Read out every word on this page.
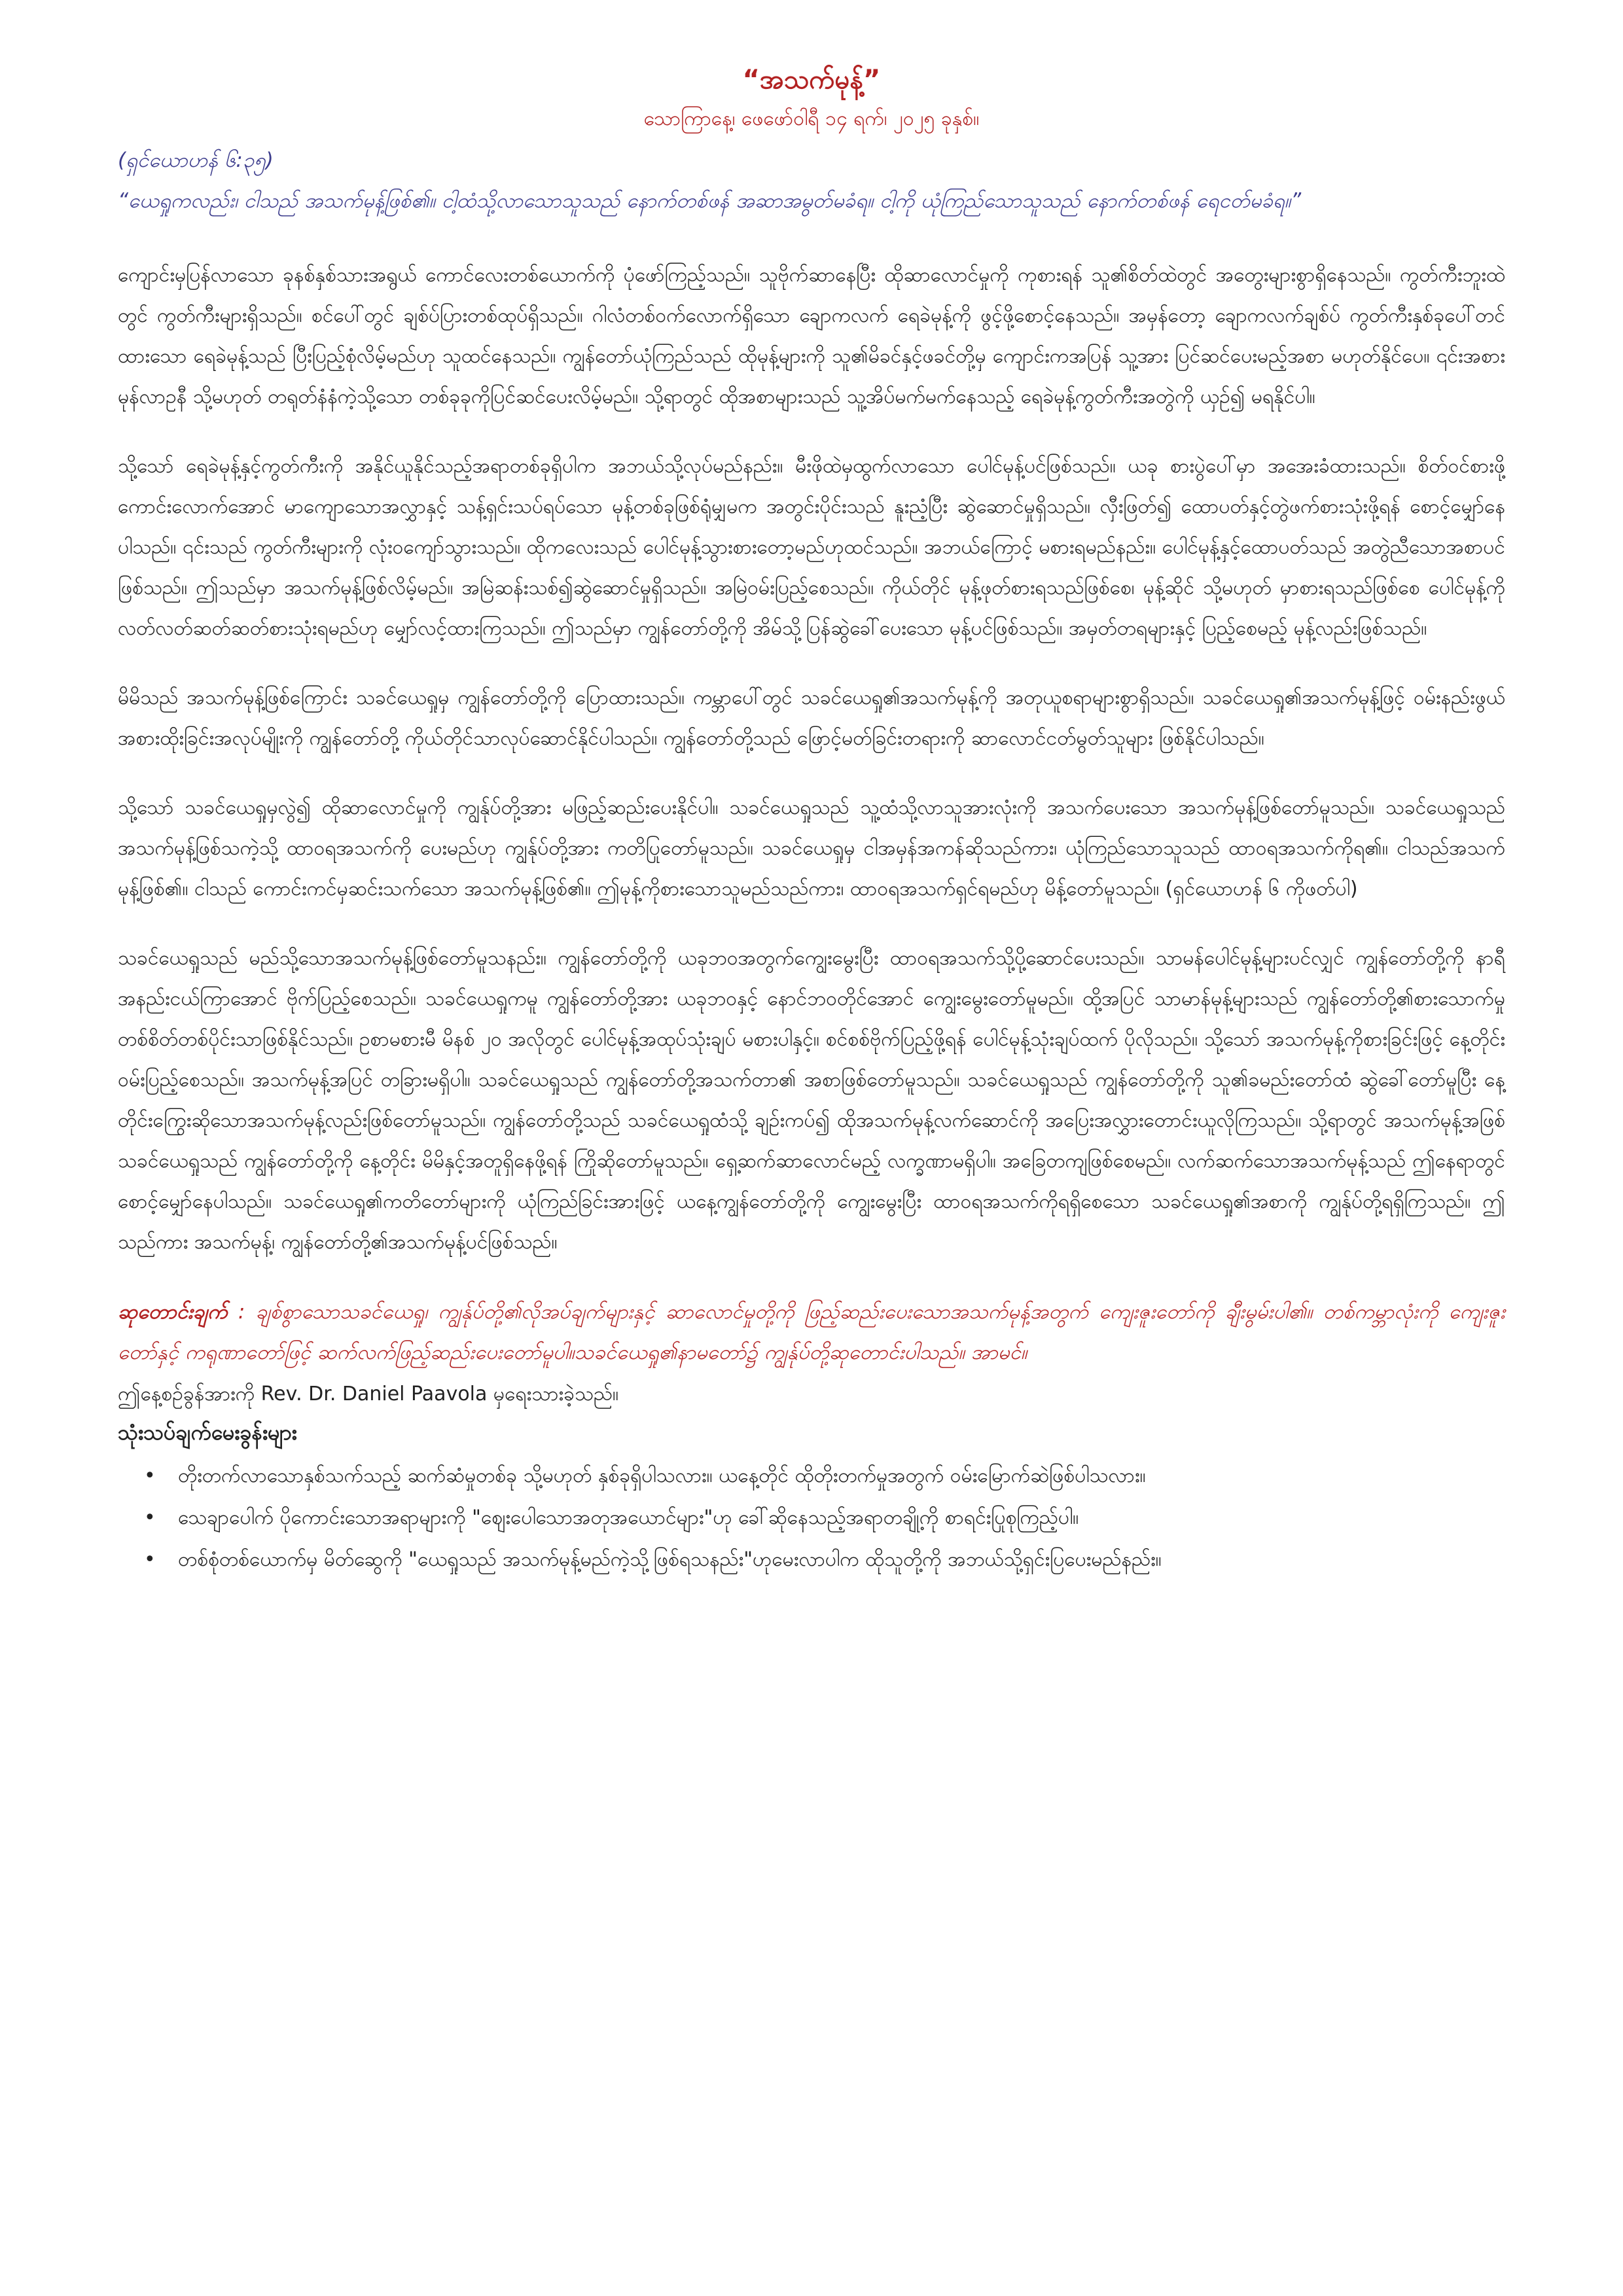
“အသက်မုန့်”

သောကြာနေ့၊ ဖေဖော်ဝါရီ ၁၄ ရက်၊ ၂၀၂၅ ခုနှစ်။

(ရှင်ယောဟန် ၆:၃၅)

“ယေရှုကလည်း၊ ငါသည် အသက်မုန့်ဖြစ်၏။ ငါ့ထံသို့လာသောသူသည် နောက်တစ်ဖန် အဆာအမွတ်မခံရ။ ငါ့ကို ယုံကြည်သောသူသည် နောက်တစ်ဖန် ရေငတ်မခံရ။”

ကျောင်းမှပြန်လာသော ခုနစ်နှစ်သားအရွယ် ကောင်လေးတစ်ယောက်ကို ပုံဖော်ကြည့်သည်။ သူဗိုက်ဆာနေပြီး ထိုဆာလောင်မှုကို ကုစားရန် သူ၏စိတ်ထဲတွင် အတွေးများစွာရှိနေသည်။ ကွတ်ကီးဘူးထဲတွင် ကွတ်ကီးများရှိသည်။ စင်ပေါ်တွင် ချစ်ပ်ပြားတစ်ထုပ်ရှိသည်။ ဂါလံတစ်ဝက်လောက်ရှိသော ချောကလက် ရေခဲမုန့်ကို ဖွင့်ဖို့စောင့်နေသည်။ အမှန်တော့ ချောကလက်ချစ်ပ် ကွတ်ကီးနှစ်ခုပေါ်တင်ထားသော ရေခဲမုန့်သည် ပြီးပြည့်စုံလိမ့်မည်ဟု သူထင်နေသည်။ ကျွန်တော်ယုံကြည်သည် ထိုမုန့်များကို သူ၏မိခင်နှင့်ဖခင်တို့မှ ကျောင်းကအပြန် သူ့အား ပြင်ဆင်ပေးမည့်အစာ မဟုတ်နိုင်ပေ။ ၎င်းအစား မုန်လာဥနီ သို့မဟုတ် တရုတ်နံနံကဲ့သို့သော တစ်ခုခုကိုပြင်ဆင်ပေးလိမ့်မည်။ သို့ရာတွင် ထိုအစာများသည် သူ့အိပ်မက်မက်နေသည့် ရေခဲမုန့်ကွတ်ကီးအတွဲကို ယှဉ်၍ မရနိုင်ပါ။

သို့သော် ရေခဲမုန့်နှင့်ကွတ်ကီးကို အနိုင်ယူနိုင်သည့်အရာတစ်ခုရှိပါက အဘယ်သို့လုပ်မည်နည်း။ မီးဖိုထဲမှထွက်လာသော ပေါင်မုန့်ပင်ဖြစ်သည်။ ယခု စားပွဲပေါ်မှာ အအေးခံထားသည်။ စိတ်ဝင်စားဖို့ကောင်းလောက်အောင် မာကျောသောအလွှာနှင့် သန့်ရှင်းသပ်ရပ်သော မုန့်တစ်ခုဖြစ်ရုံမျှမက အတွင်းပိုင်းသည် နူးညံ့ပြီး ဆွဲဆောင်မှုရှိသည်။ လှီးဖြတ်၍ ထောပတ်နှင့်တွဲဖက်စားသုံးဖို့ရန် စောင့်မျှော်နေပါသည်။ ၎င်းသည် ကွတ်ကီးများကို လုံးဝကျော်သွားသည်။ ထိုကလေးသည် ပေါင်မုန့်သွားစားတော့မည်ဟုထင်သည်။ အဘယ်ကြောင့် မစားရမည်နည်း။ ပေါင်မုန့်နှင့်ထောပတ်သည် အတွဲညီသောအစာပင်ဖြစ်သည်။ ဤသည်မှာ အသက်မုန့်ဖြစ်လိမ့်မည်။ အမြဲဆန်းသစ်၍ဆွဲဆောင်မှုရှိသည်။ အမြဲဝမ်းပြည့်စေသည်။ ကိုယ်တိုင် မုန့်ဖုတ်စားရသည်ဖြစ်စေ၊ မုန့်ဆိုင် သို့မဟုတ် မှာစားရသည်ဖြစ်စေ ပေါင်မုန့်ကို လတ်လတ်ဆတ်ဆတ်စားသုံးရမည်ဟု မျှော်လင့်ထားကြသည်။ ဤသည်မှာ ကျွန်တော်တို့ကို အိမ်သို့ပြန်ဆွဲခေါ်ပေးသော မုန့်ပင်ဖြစ်သည်။ အမှတ်တရများနှင့် ပြည့်စေမည့် မုန့်လည်းဖြစ်သည်။

မိမိသည် အသက်မုန့်ဖြစ်ကြောင်း သခင်ယေရှုမှ ကျွန်တော်တို့ကို ပြောထားသည်။ ကမ္ဘာပေါ်တွင် သခင်ယေရှု၏အသက်မုန့်ကို အတုယူစရာများစွာရှိသည်။ သခင်ယေရှု၏အသက်မုန့်ဖြင့် ဝမ်းနည်းဖွယ်အစားထိုးခြင်းအလုပ်မျိုးကို ကျွန်တော်တို့ ကိုယ်တိုင်သာလုပ်ဆောင်နိုင်ပါသည်။ ကျွန်တော်တို့သည် ဖြောင့်မတ်ခြင်းတရားကို ဆာလောင်ငတ်မွတ်သူများ ဖြစ်နိုင်ပါသည်။

သို့သော် သခင်ယေရှုမှလွဲ၍ ထိုဆာလောင်မှုကို ကျွန်ုပ်တို့အား မဖြည့်ဆည်းပေးနိုင်ပါ။ သခင်ယေရှုသည် သူ့ထံသို့လာသူအားလုံးကို အသက်ပေးသော အသက်မုန့်ဖြစ်တော်မူသည်။ သခင်ယေရှုသည် အသက်မုန့်ဖြစ်သကဲ့သို့ ထာဝရအသက်ကို ပေးမည်ဟု ကျွန်ုပ်တို့အား ကတိပြုတော်မူသည်။ သခင်ယေရှုမှ ငါအမှန်အကန်ဆိုသည်ကား၊ ယုံကြည်သောသူသည် ထာဝရအသက်ကိုရ၏။ ငါသည်အသက်မုန့်ဖြစ်၏။ ငါသည် ကောင်းကင်မှဆင်းသက်သော အသက်မုန့်ဖြစ်၏။ ဤမုန့်ကိုစားသောသူမည်သည်ကား၊ ထာဝရအသက်ရှင်ရမည်ဟု မိန့်တော်မူသည်။ (ရှင်ယောဟန် ၆ ကိုဖတ်ပါ)

သခင်ယေရှုသည် မည်သို့သောအသက်မုန့်ဖြစ်တော်မူသနည်း။ ကျွန်တော်တို့ကို ယခုဘဝအတွက်ကျွေးမွေးပြီး ထာဝရအသက်သို့ပို့ဆောင်ပေးသည်။ သာမန်ပေါင်မုန့်များပင်လျှင် ကျွန်တော်တို့ကို နာရီအနည်းငယ်ကြာအောင် ဗိုက်ပြည့်စေသည်။ သခင်ယေရှုကမူ ကျွန်တော်တို့အား ယခုဘဝနှင့် နောင်ဘဝတိုင်အောင် ကျွေးမွေးတော်မူမည်။ ထို့အပြင် သာမာန်မုန့်များသည် ကျွန်တော်တို့၏စားသောက်မှုတစ်စိတ်တစ်ပိုင်းသာဖြစ်နိုင်သည်။ ဥစာမစားမီ မိနစ် ၂၀ အလိုတွင် ပေါင်မုန့်အထုပ်သုံးချပ် မစားပါနှင့်။ စင်စစ်ဗိုက်ပြည့်ဖို့ရန် ပေါင်မုန့်သုံးချပ်ထက် ပိုလိုသည်။ သို့သော် အသက်မုန့်ကိုစားခြင်းဖြင့် နေ့တိုင်း ဝမ်းပြည့်စေသည်။ အသက်မုန့်အပြင် တခြားမရှိပါ။ သခင်ယေရှုသည် ကျွန်တော်တို့အသက်တာ၏ အစာဖြစ်တော်မူသည်။ သခင်ယေရှုသည် ကျွန်တော်တို့ကို သူ၏ခမည်းတော်ထံ ဆွဲခေါ်တော်မူပြီး နေ့တိုင်းကြွေးဆိုသောအသက်မုန့်လည်းဖြစ်တော်မူသည်။ ကျွန်တော်တို့သည် သခင်ယေရှုထံသို့ ချဉ်းကပ်၍ ထိုအသက်မုန့်လက်ဆောင်ကို အပြေးအလွှားတောင်းယူလိုကြသည်။ သို့ရာတွင် အသက်မုန့်အဖြစ် သခင်ယေရှုသည် ကျွန်တော်တို့ကို နေ့တိုင်း မိမိနှင့်အတူရှိနေဖို့ရန် ကြိုဆိုတော်မူသည်။ ရှေ့ဆက်ဆာလောင်မည့် လက္ခဏာမရှိပါ။ အခြေတကျဖြစ်စေမည်။ လက်ဆက်သောအသက်မုန့်သည် ဤနေရာတွင်စောင့်မျှော်နေပါသည်။ သခင်ယေရှု၏ကတိတော်များကို ယုံကြည်ခြင်းအားဖြင့် ယနေ့ကျွန်တော်တို့ကို ကျွေးမွေးပြီး ထာဝရအသက်ကိုရရှိစေသော သခင်ယေရှု၏အစာကို ကျွန်ုပ်တို့ရရှိကြသည်။ ဤသည်ကား အသက်မုန့်၊ ကျွန်တော်တို့၏အသက်မုန့်ပင်ဖြစ်သည်။

ဆုတောင်းချက် : ချစ်စွာသောသခင်ယေရှု၊ ကျွန်ုပ်တို့၏လိုအပ်ချက်များနှင့် ဆာလောင်မှုတို့ကို ဖြည့်ဆည်းပေးသောအသက်မုန့်အတွက် ကျေးဇူးတော်ကို ချီးမွမ်းပါ၏။ တစ်ကမ္ဘာလုံးကို ကျေးဇူးတော်နှင့် ကရုဏာတော်ဖြင့် ဆက်လက်ဖြည့်ဆည်းပေးတော်မူပါ။သခင်ယေရှု၏နာမတော်၌ ကျွန်ုပ်တို့ဆုတောင်းပါသည်။ အာမင်။

ဤနေ့စဉ်ခွန်အားကို Rev. Dr. Daniel Paavola မှရေးသားခဲ့သည်။

သုံးသပ်ချက်မေးခွန်းများ

• တိုးတက်လာသောနှစ်သက်သည့် ဆက်ဆံမှုတစ်ခု သို့မဟုတ် နှစ်ခုရှိပါသလား။ ယနေ့တိုင် ထိုတိုးတက်မှုအတွက် ဝမ်းမြောက်ဆဲဖြစ်ပါသလား။
• သေချာပေါက် ပိုကောင်းသောအရာများကို "ဈေးပေါသောအတုအယောင်များ"ဟု ခေါ်ဆိုနေသည့်အရာတချို့ကို စာရင်းပြုစုကြည့်ပါ။
• တစ်စုံတစ်ယောက်မှ မိတ်ဆွေကို "ယေရှုသည် အသက်မုန့်မည်ကဲ့သို့ဖြစ်ရသနည်း"ဟုမေးလာပါက ထိုသူတို့ကို အဘယ်သို့ရှင်းပြပေးမည်နည်း။
